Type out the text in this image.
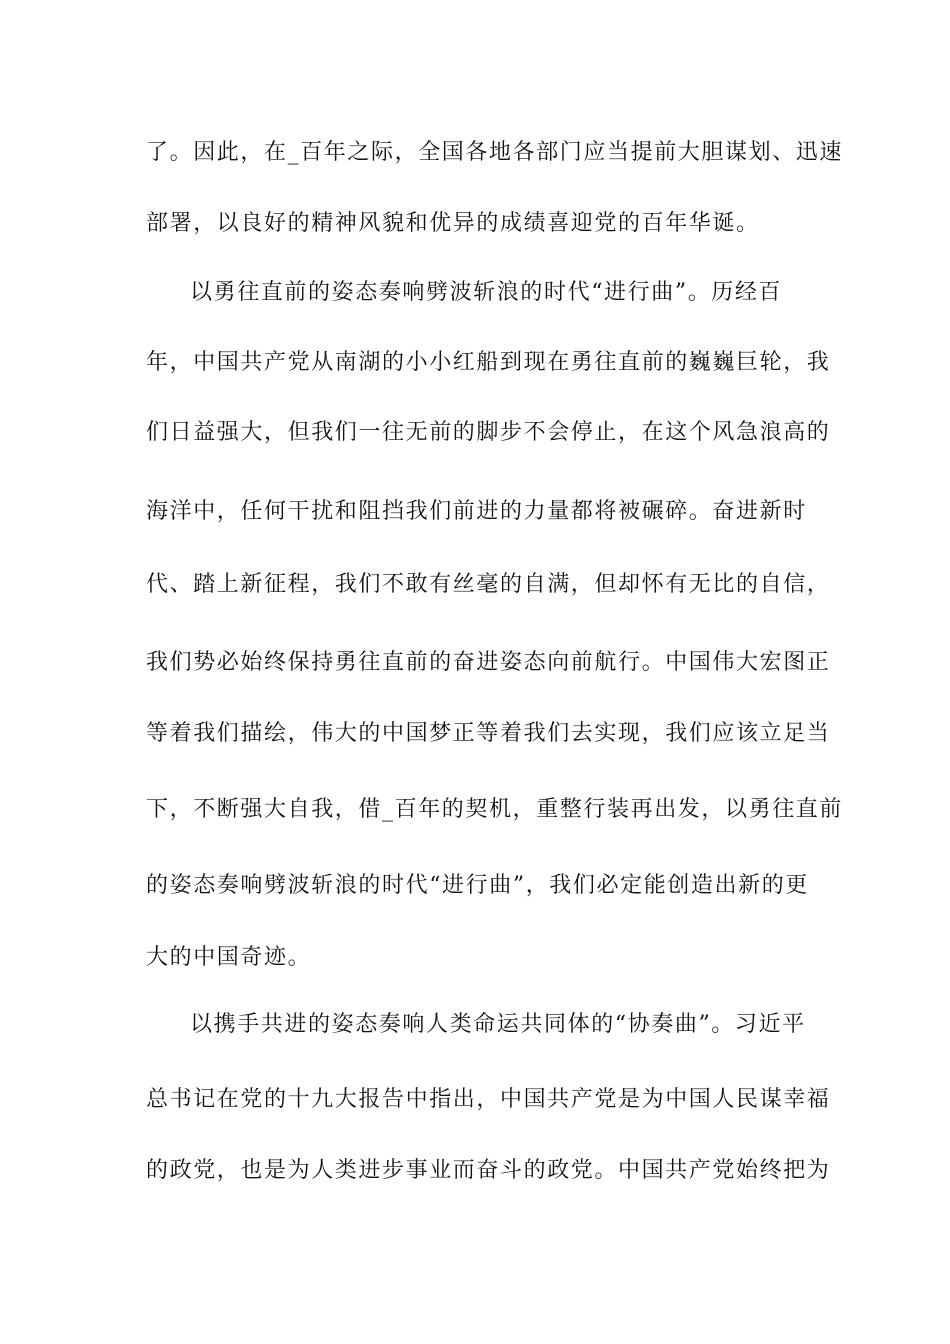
了。因此，在_百年之际，全国各地各部门应当提前大胆谋划、迅速
部署，以良好的精神风貌和优异的成绩喜迎党的百年华诞。
以勇往直前的姿态奏响劈波斩浪的时代“进行曲”。历经百
年，中国共产党从南湖的小小红船到现在勇往直前的巍巍巨轮，我
们日益强大，但我们一往无前的脚步不会停止，在这个风急浪高的
海洋中，任何干扰和阻挡我们前进的力量都将被碾碎。奋进新时
代、踏上新征程，我们不敢有丝毫的自满，但却怀有无比的自信，
我们势必始终保持勇往直前的奋进姿态向前航行。中国伟大宏图正
等着我们描绘，伟大的中国梦正等着我们去实现，我们应该立足当
下，不断强大自我，借_百年的契机，重整行装再出发，以勇往直前
的姿态奏响劈波斩浪的时代“进行曲”，我们必定能创造出新的更
大的中国奇迹。
以携手共进的姿态奏响人类命运共同体的“协奏曲”。习近平
总书记在党的十九大报告中指出，中国共产党是为中国人民谋幸福
的政党，也是为人类进步事业而奋斗的政党。中国共产党始终把为
